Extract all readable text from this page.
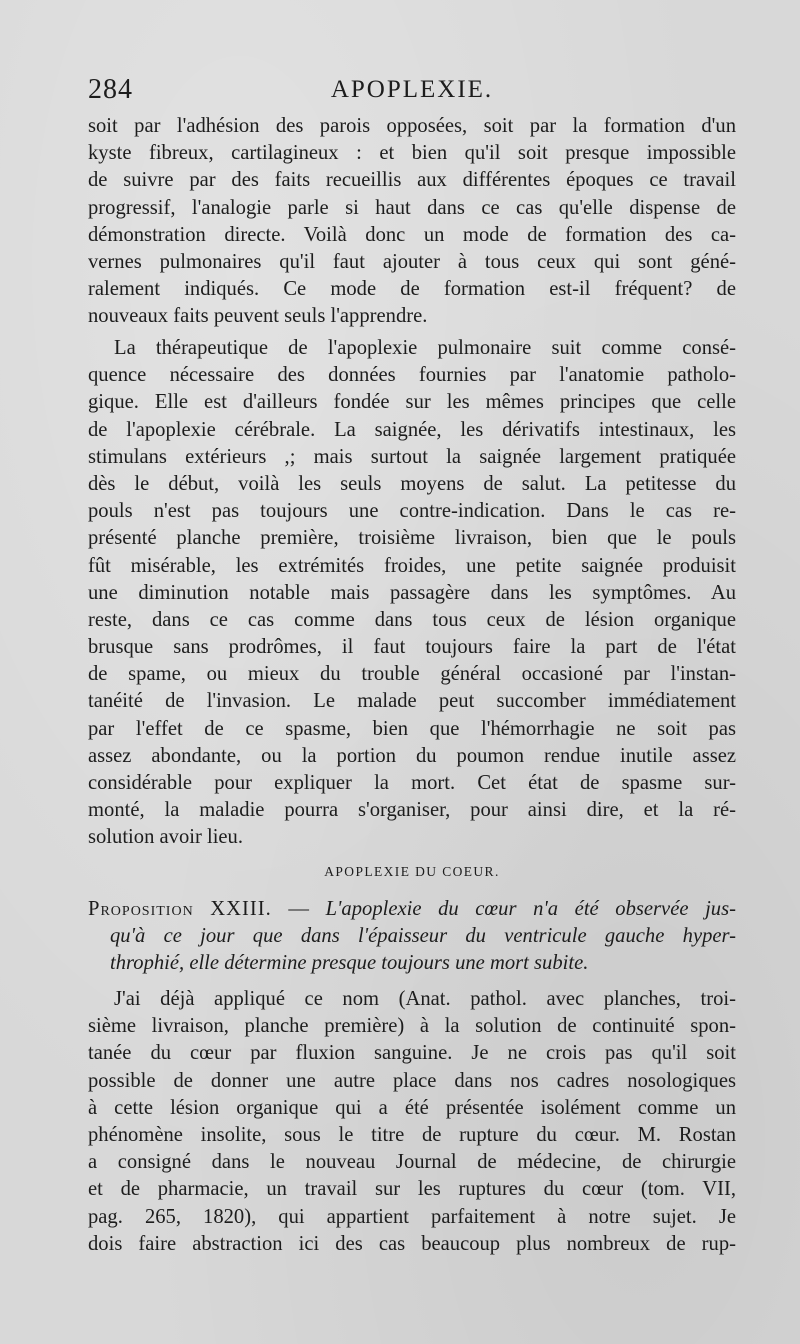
284	APOPLEXIE.
soit par l'adhésion des parois opposées, soit par la formation d'un
kyste fibreux, cartilagineux : et bien qu'il soit presque impossible
de suivre par des faits recueillis aux différentes époques ce travail
progressif, l'analogie parle si haut dans ce cas qu'elle dispense de
démonstration directe. Voilà donc un mode de formation des ca-
vernes pulmonaires qu'il faut ajouter à tous ceux qui sont géné-
ralement indiqués. Ce mode de formation est-il fréquent? de
nouveaux faits peuvent seuls l'apprendre.
La thérapeutique de l'apoplexie pulmonaire suit comme consé-
quence nécessaire des données fournies par l'anatomie patholo-
gique. Elle est d'ailleurs fondée sur les mêmes principes que celle
de l'apoplexie cérébrale. La saignée, les dérivatifs intestinaux, les
stimulans extérieurs ,; mais surtout la saignée largement pratiquée
dès le début, voilà les seuls moyens de salut. La petitesse du
pouls n'est pas toujours une contre-indication. Dans le cas re-
présenté planche première, troisième livraison, bien que le pouls
fût misérable, les extrémités froides, une petite saignée produisit
une diminution notable mais passagère dans les symptômes. Au
reste, dans ce cas comme dans tous ceux de lésion organique
brusque sans prodrômes, il faut toujours faire la part de l'état
de spame, ou mieux du trouble général occasioné par l'instan-
tanéité de l'invasion. Le malade peut succomber immédiatement
par l'effet de ce spasme, bien que l'hémorrhagie ne soit pas
assez abondante, ou la portion du poumon rendue inutile assez
considérable pour expliquer la mort. Cet état de spasme sur-
monté, la maladie pourra s'organiser, pour ainsi dire, et la ré-
solution avoir lieu.
APOPLEXIE DU COEUR.
Proposition XXIII. — L'apoplexie du cœur n'a été observée jus-
qu'à ce jour que dans l'épaisseur du ventricule gauche hyper-
throphié, elle détermine presque toujours une mort subite.
J'ai déjà appliqué ce nom (Anat. pathol. avec planches, troi-
sième livraison, planche première) à la solution de continuité spon-
tanée du cœur par fluxion sanguine. Je ne crois pas qu'il soit
possible de donner une autre place dans nos cadres nosologiques
à cette lésion organique qui a été présentée isolément comme un
phénomène insolite, sous le titre de rupture du cœur. M. Rostan
a consigné dans le nouveau Journal de médecine, de chirurgie
et de pharmacie, un travail sur les ruptures du cœur (tom. VII,
pag. 265, 1820), qui appartient parfaitement à notre sujet. Je
dois faire abstraction ici des cas beaucoup plus nombreux de rup-
